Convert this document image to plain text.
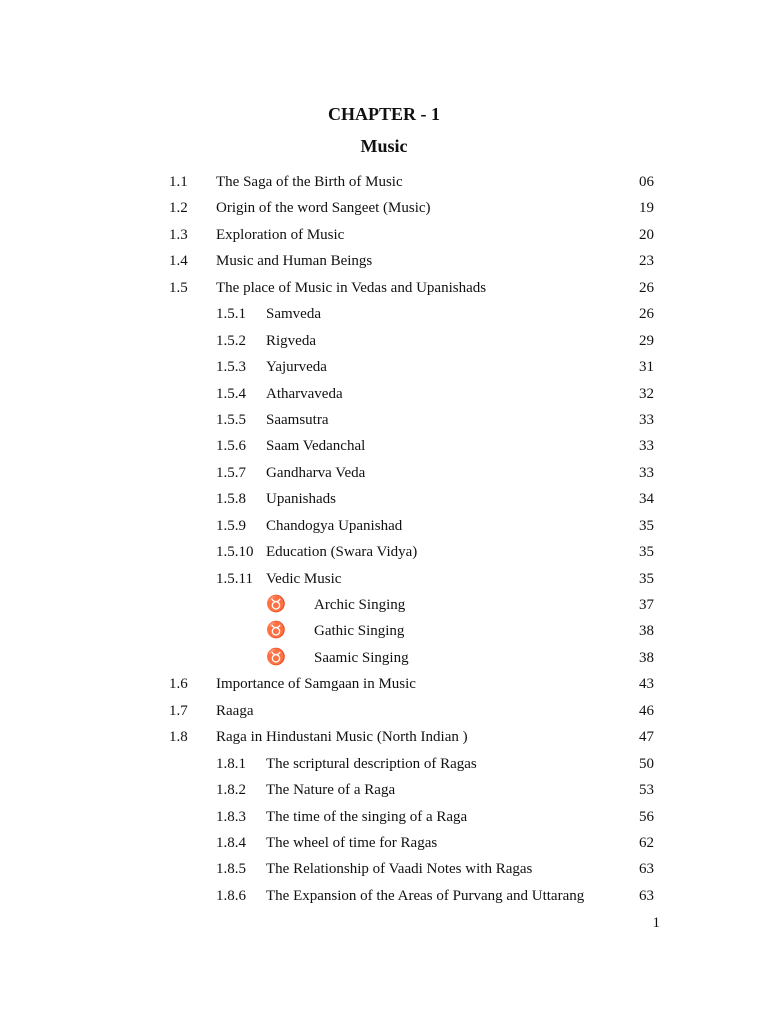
CHAPTER - 1
Music
1.1 The Saga of the Birth of Music	06
1.2 Origin of the word Sangeet (Music)	19
1.3 Exploration of Music	20
1.4 Music and Human Beings	23
1.5 The place of Music in Vedas and Upanishads	26
1.5.1 Samveda	26
1.5.2 Rigveda	29
1.5.3 Yajurveda	31
1.5.4 Atharvaveda	32
1.5.5 Saamsutra	33
1.5.6 Saam Vedanchal	33
1.5.7 Gandharva Veda	33
1.5.8 Upanishads	34
1.5.9 Chandogya Upanishad	35
1.5.10 Education (Swara Vidya)	35
1.5.11 Vedic Music	35
♉ Archic Singing	37
♉ Gathic Singing	38
♉ Saamic Singing	38
1.6 Importance of Samgaan in Music	43
1.7 Raaga	46
1.8 Raga in Hindustani Music (North Indian )	47
1.8.1 The scriptural description of Ragas	50
1.8.2 The Nature of a Raga	53
1.8.3 The time of the singing of a Raga	56
1.8.4 The wheel of time for Ragas	62
1.8.5 The Relationship of Vaadi Notes with Ragas	63
1.8.6 The Expansion of the Areas of Purvang and Uttarang	63
1
